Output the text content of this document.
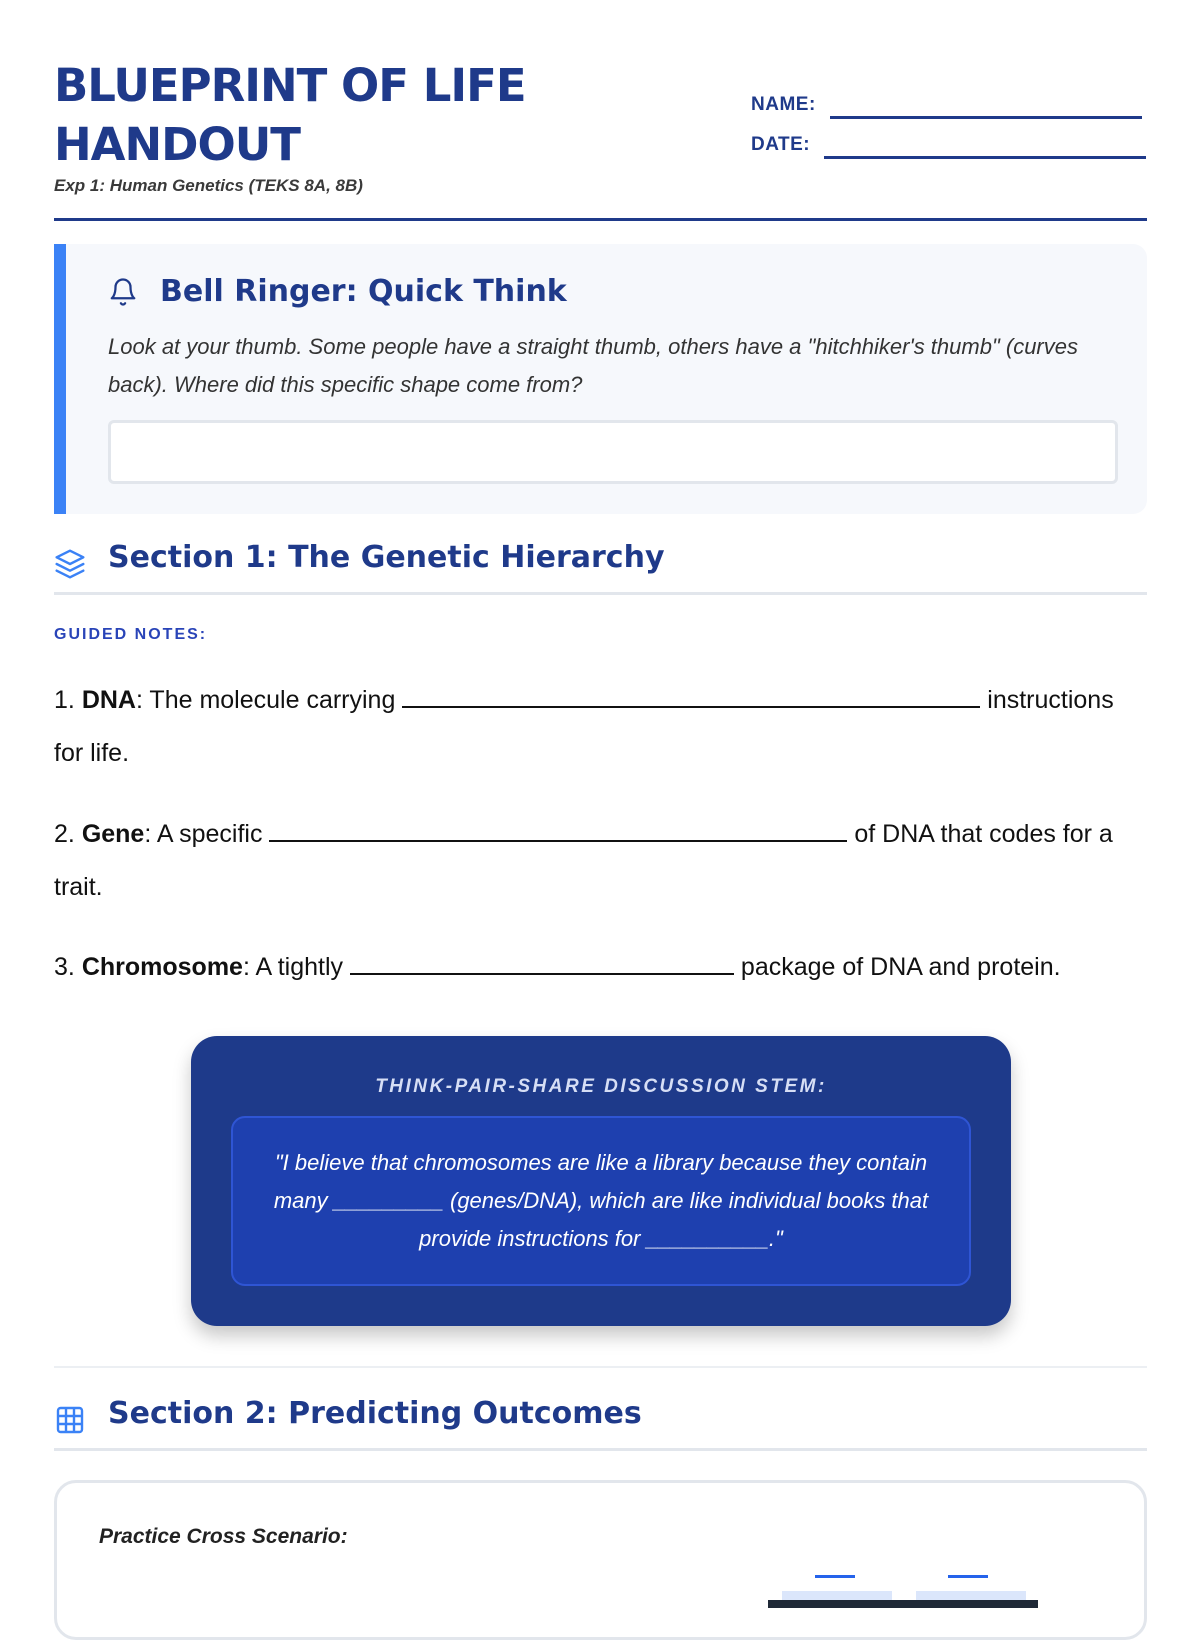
BLUEPRINT OF LIFE HANDOUT
Exp 1: Human Genetics (TEKS 8A, 8B)
NAME:
DATE:
Bell Ringer: Quick Think
Look at your thumb. Some people have a straight thumb, others have a "hitchhiker's thumb" (curves back). Where did this specific shape come from?
Section 1: The Genetic Hierarchy
GUIDED NOTES:
1. DNA: The molecule carrying	instructions for life.
2. Gene: A specific	of DNA that codes for a trait.
3. Chromosome: A tightly	package of DNA and protein.
THINK-PAIR-SHARE DISCUSSION STEM:
"I believe that chromosomes are like a library because they contain many _________ (genes/DNA), which are like individual books that provide instructions for __________."
Section 2: Predicting Outcomes
Practice Cross Scenario:
